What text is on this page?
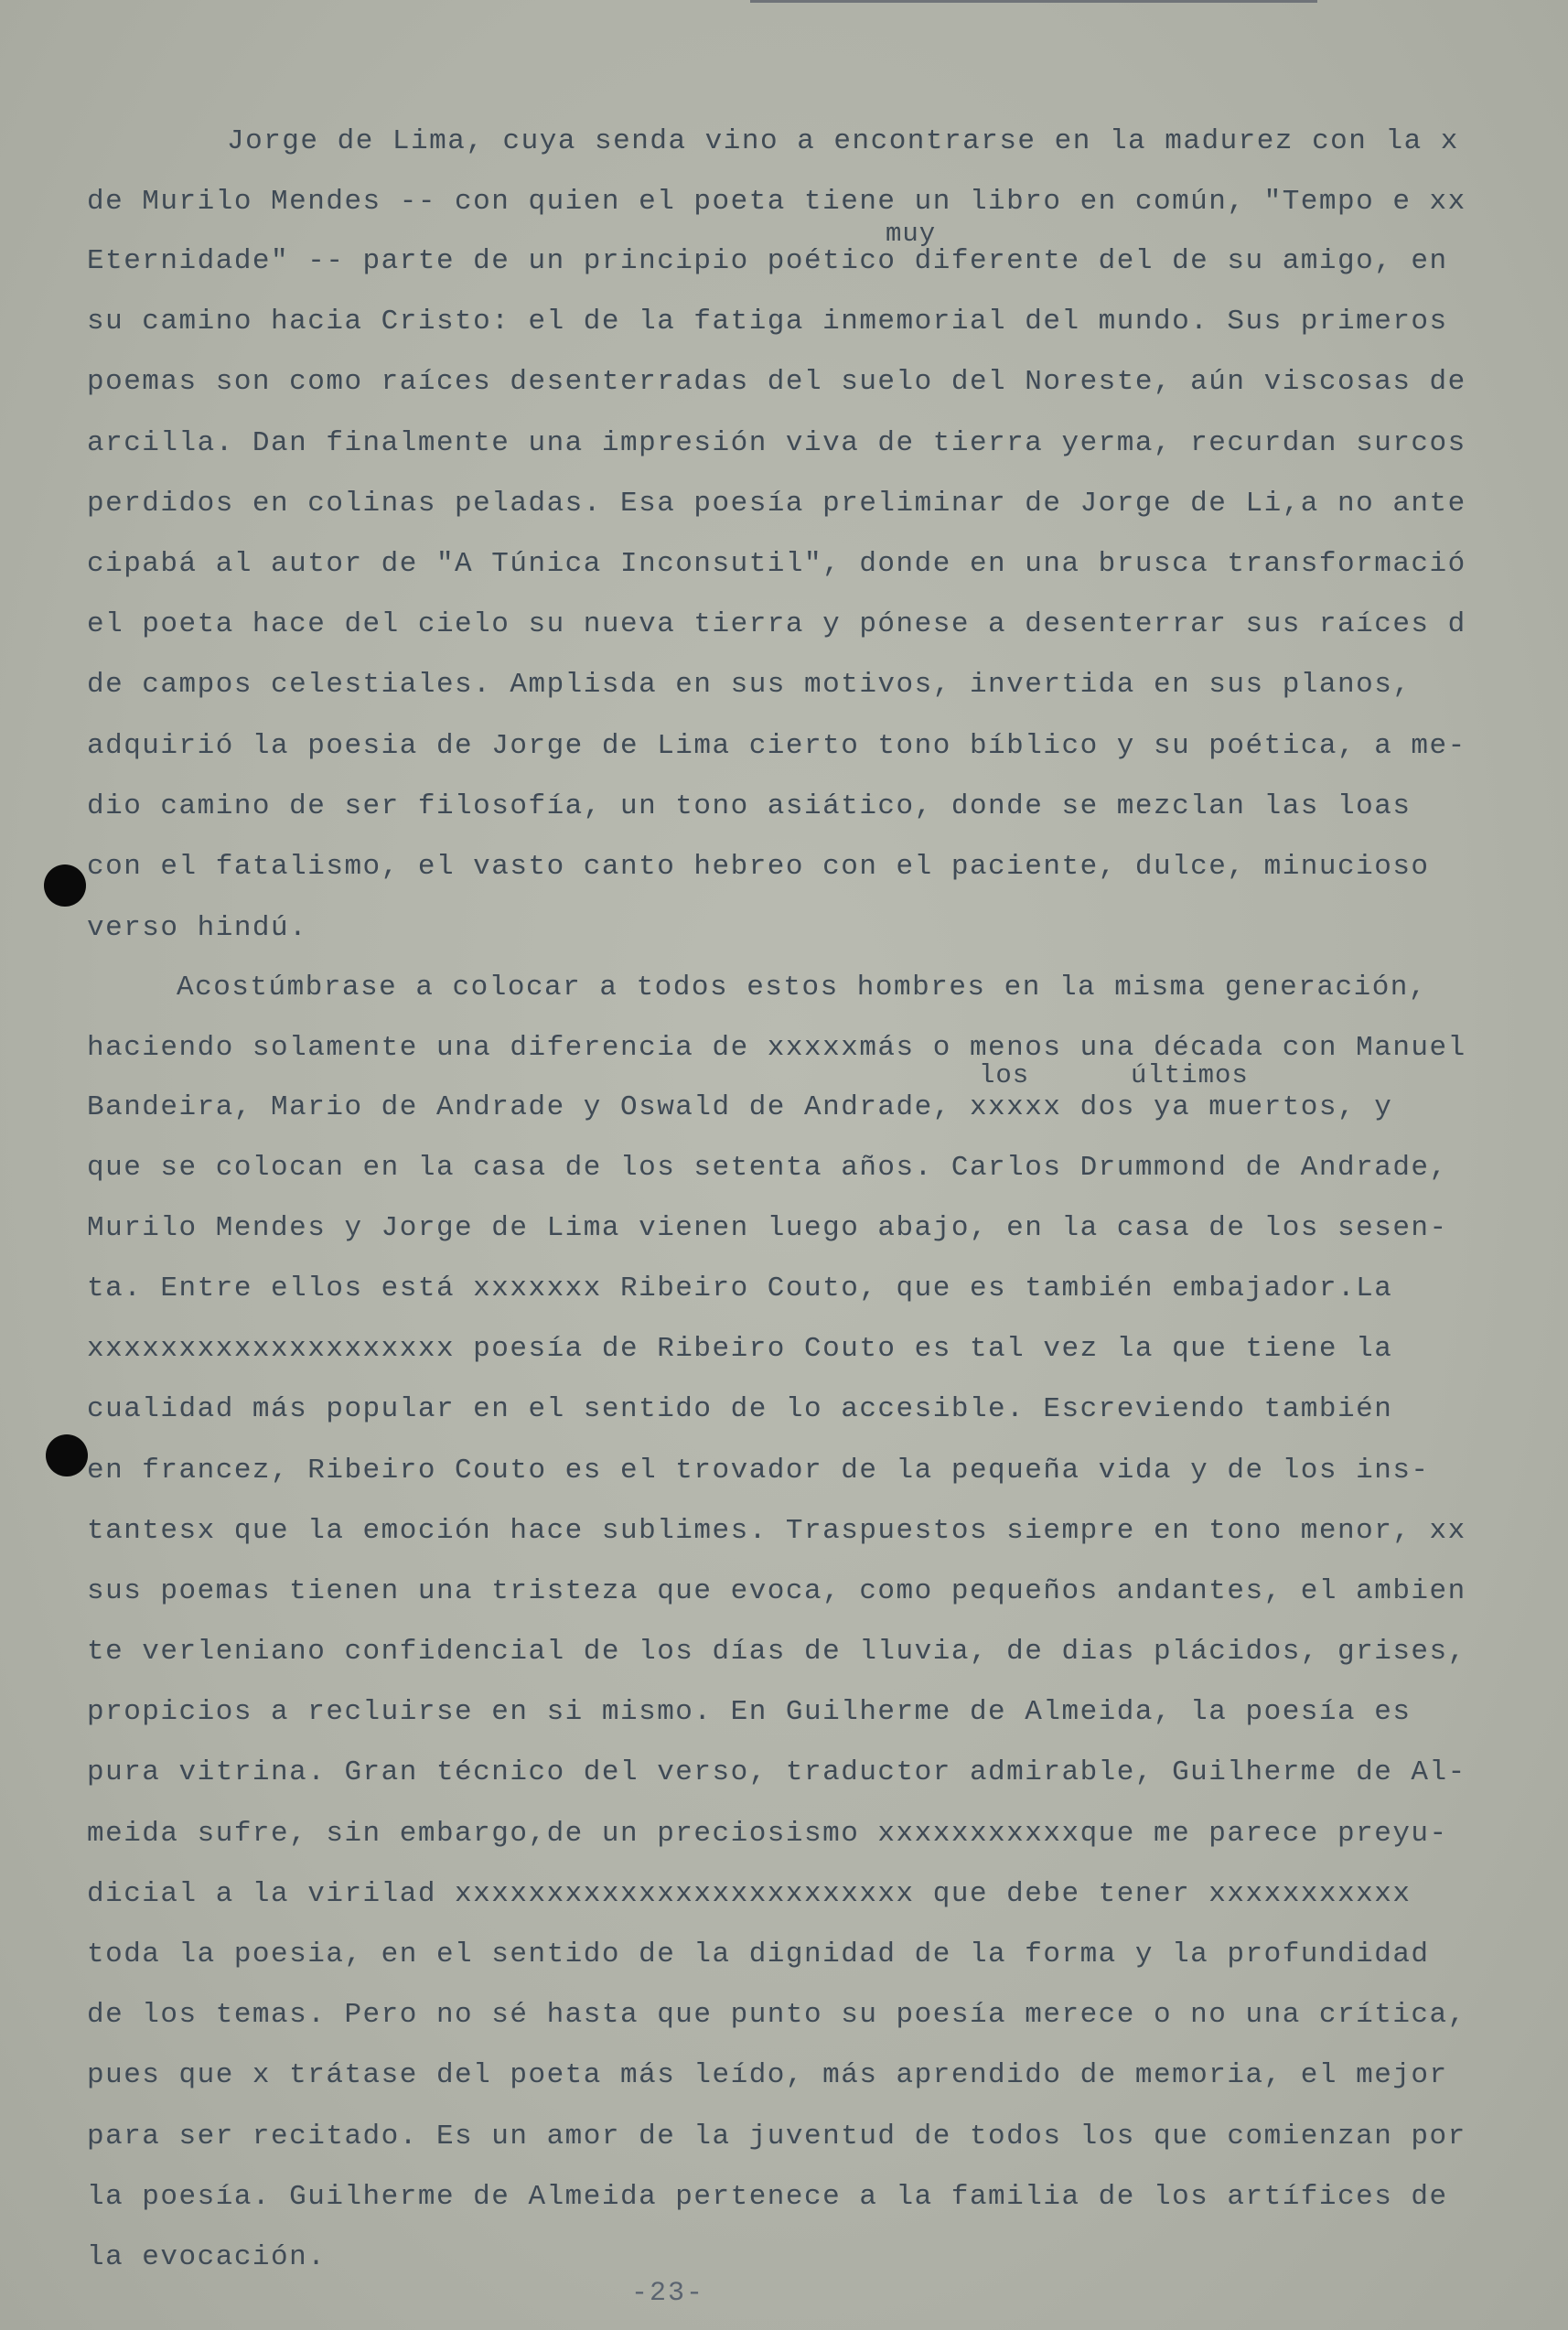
muy

los	últimos

Jorge de Lima, cuya senda vino a encontrarse en la madurez con la x

de Murilo Mendes -- con quien el poeta tiene un libro en común, "Tempo e xx

Eternidade" -- parte de un principio poético diferente del de su amigo, en

su camino hacia Cristo: el de la fatiga inmemorial del mundo. Sus primeros

poemas son como raíces desenterradas del suelo del Noreste, aún viscosas de

arcilla. Dan finalmente una impresión viva de tierra yerma, recurdan surcos

perdidos en colinas peladas. Esa poesía preliminar de Jorge de Li,a no ante

cipabá al autor de "A Túnica Inconsutil", donde en una brusca transformació

el poeta hace del cielo su nueva tierra y pónese a desenterrar sus raíces d

de campos celestiales. Amplisda en sus motivos, invertida en sus planos,

adquirió la poesia de Jorge de Lima cierto tono bíblico y su poética, a me-

dio camino de ser filosofía, un tono asiático, donde se mezclan las loas

con el fatalismo, el vasto canto hebreo con el paciente, dulce, minucioso

verso hindú.

Acostúmbrase a colocar a todos estos hombres en la misma generación,

haciendo solamente una diferencia de xxxxxmás o menos una década con Manuel

Bandeira, Mario de Andrade y Oswald de Andrade, xxxxx dos ya muertos, y

que se colocan en la casa de los setenta años. Carlos Drummond de Andrade,

Murilo Mendes y Jorge de Lima vienen luego abajo, en la casa de los sesen-

ta. Entre ellos está xxxxxxx Ribeiro Couto, que es también embajador.La

xxxxxxxxxxxxxxxxxxxx poesía de Ribeiro Couto es tal vez la que tiene la

cualidad más popular en el sentido de lo accesible. Escreviendo también

en francez, Ribeiro Couto es el trovador de la pequeña vida y de los ins-

tantesx que la emoción hace sublimes. Traspuestos siempre en tono menor, xx

sus poemas tienen una tristeza que evoca, como pequeños andantes, el ambien

te verleniano confidencial de los días de lluvia, de dias plácidos, grises,

propicios a recluirse en si mismo. En Guilherme de Almeida, la poesía es

pura vitrina. Gran técnico del verso, traductor admirable, Guilherme de Al-

meida sufre, sin embargo,de un preciosismo xxxxxxxxxxxque me parece preyu-

dicial a la virilad xxxxxxxxxxxxxxxxxxxxxxxxx que debe tener xxxxxxxxxxx

toda la poesia, en el sentido de la dignidad de la forma y la profundidad

de los temas. Pero no sé hasta que punto su poesía merece o no una crítica,

pues que x trátase del poeta más leído, más aprendido de memoria, el mejor

para ser recitado. Es un amor de la juventud de todos los que comienzan por

la poesía. Guilherme de Almeida pertenece a la familia de los artífices de

la evocación.

-23-
